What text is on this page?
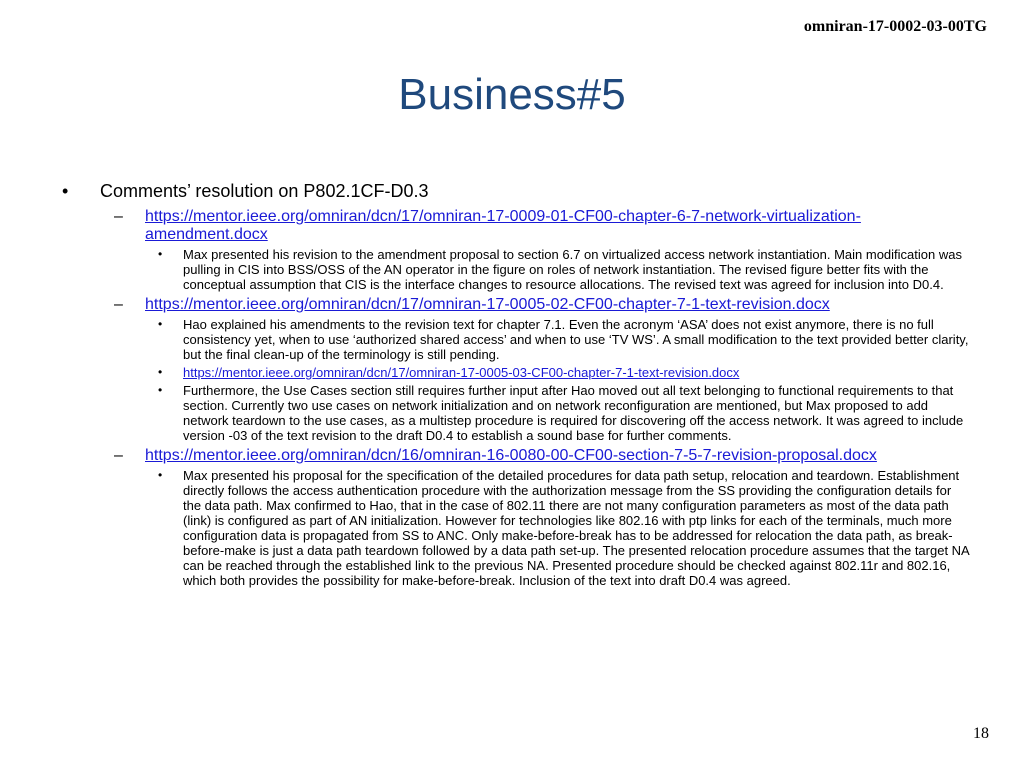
omniran-17-0002-03-00TG
Business#5
• Comments’ resolution on P802.1CF-D0.3
– https://mentor.ieee.org/omniran/dcn/17/omniran-17-0009-01-CF00-chapter-6-7-network-virtualization-amendment.docx
• Max presented his revision to the amendment proposal to section 6.7 on virtualized access network instantiation. Main modification was pulling in CIS into BSS/OSS of the AN operator in the figure on roles of network instantiation. The revised figure better fits with the conceptual assumption that CIS is the interface changes to resource allocations. The revised text was agreed for inclusion into D0.4.
– https://mentor.ieee.org/omniran/dcn/17/omniran-17-0005-02-CF00-chapter-7-1-text-revision.docx
• Hao explained his amendments to the revision text for chapter 7.1. Even the acronym ‘ASA’ does not exist anymore, there is no full consistency yet, when to use ‘authorized shared access’ and when to use ‘TV WS’. A small modification to the text provided better clarity, but the final clean-up of the terminology is still pending.
• https://mentor.ieee.org/omniran/dcn/17/omniran-17-0005-03-CF00-chapter-7-1-text-revision.docx
• Furthermore, the Use Cases section still requires further input after Hao moved out all text belonging to functional requirements to that section. Currently two use cases on network initialization and on network reconfiguration are mentioned, but Max proposed to add network teardown to the use cases, as a multistep procedure is required for discovering off the access network. It was agreed to include version -03 of the text revision to the draft D0.4 to establish a sound base for further comments.
– https://mentor.ieee.org/omniran/dcn/16/omniran-16-0080-00-CF00-section-7-5-7-revision-proposal.docx
• Max presented his proposal for the specification of the detailed procedures for data path setup, relocation and teardown. Establishment directly follows the access authentication procedure with the authorization message from the SS providing the configuration details for the data path. Max confirmed to Hao, that in the case of 802.11 there are not many configuration parameters as most of the data path (link) is configured as part of AN initialization. However for technologies like 802.16 with ptp links for each of the terminals, much more configuration data is propagated from SS to ANC. Only make-before-break has to be addressed for relocation the data path, as break-before-make is just a data path teardown followed by a data path set-up. The presented relocation procedure assumes that the target NA can be reached through the established link to the previous NA. Presented procedure should be checked against 802.11r and 802.16, which both provides the possibility for make-before-break. Inclusion of the text into draft D0.4 was agreed.
18
